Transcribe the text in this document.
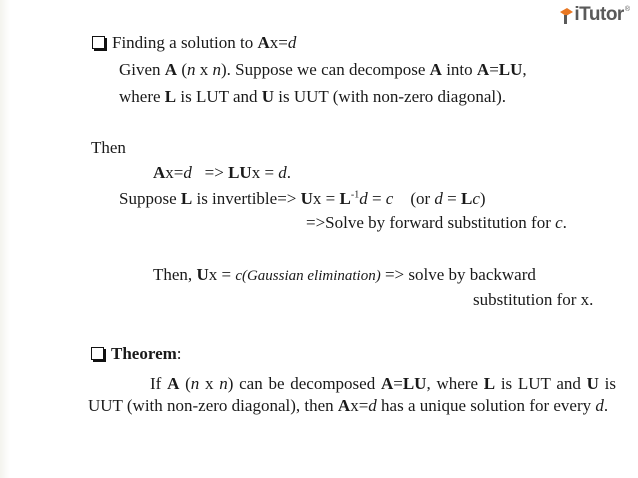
iTutor ®
Finding a solution to Ax=d
Given A (n x n). Suppose we can decompose A into A=LU,
where L is LUT and U is UUT (with non-zero diagonal).
Then
Ax=d   => LUx = d.
Suppose L is invertible=> $Ux = L^{-1}d = c$    (or d = Lc)
=>Solve by forward substitution for c.
Then, Ux = c(Gaussian elimination) => solve by backward
substitution for x.
Theorem:
If A (n x n) can be decomposed A=LU, where L is LUT and U is UUT (with non-zero diagonal), then Ax=d has a unique solution for every d.
